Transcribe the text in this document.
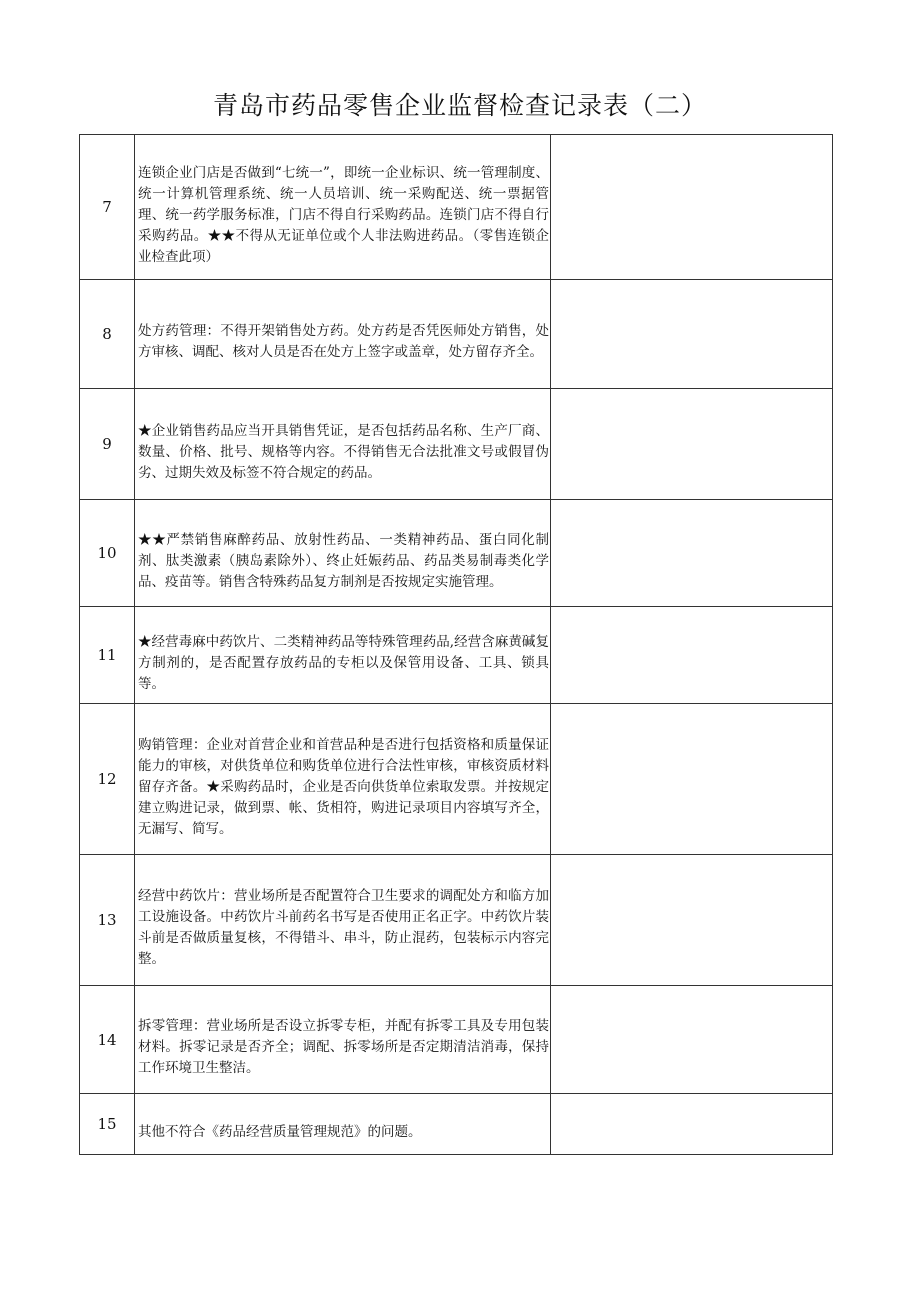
青岛市药品零售企业监督检查记录表（二）
7	连锁企业门店是否做到“七统一”，即统一企业标识、统一管理制度、统一计算机管理系统、统一人员培训、统一采购配送、统一票据管理、统一药学服务标准，门店不得自行采购药品。连锁门店不得自行采购药品。★★不得从无证单位或个人非法购进药品。（零售连锁企业检查此项）	

8	处方药管理：不得开架销售处方药。处方药是否凭医师处方销售，处方审核、调配、核对人员是否在处方上签字或盖章，处方留存齐全。	

9	★企业销售药品应当开具销售凭证，是否包括药品名称、生产厂商、数量、价格、批号、规格等内容。不得销售无合法批准文号或假冒伪劣、过期失效及标签不符合规定的药品。	

10	★★严禁销售麻醉药品、放射性药品、一类精神药品、蛋白同化制剂、肽类激素（胰岛素除外）、终止妊娠药品、药品类易制毒类化学品、疫苗等。销售含特殊药品复方制剂是否按规定实施管理。	

11	★经营毒麻中药饮片、二类精神药品等特殊管理药品,经营含麻黄碱复方制剂的，是否配置存放药品的专柜以及保管用设备、工具、锁具等。	

12	购销管理：企业对首营企业和首营品种是否进行包括资格和质量保证能力的审核，对供货单位和购货单位进行合法性审核，审核资质材料留存齐备。★采购药品时，企业是否向供货单位索取发票。并按规定建立购进记录，做到票、帐、货相符，购进记录项目内容填写齐全，无漏写、简写。	

13	经营中药饮片：营业场所是否配置符合卫生要求的调配处方和临方加工设施设备。中药饮片斗前药名书写是否使用正名正字。中药饮片装斗前是否做质量复核，不得错斗、串斗，防止混药，包装标示内容完整。	

14	拆零管理：营业场所是否设立拆零专柜，并配有拆零工具及专用包装材料。拆零记录是否齐全；调配、拆零场所是否定期清洁消毒，保持工作环境卫生整洁。	

15	其他不符合《药品经营质量管理规范》的问题。	
